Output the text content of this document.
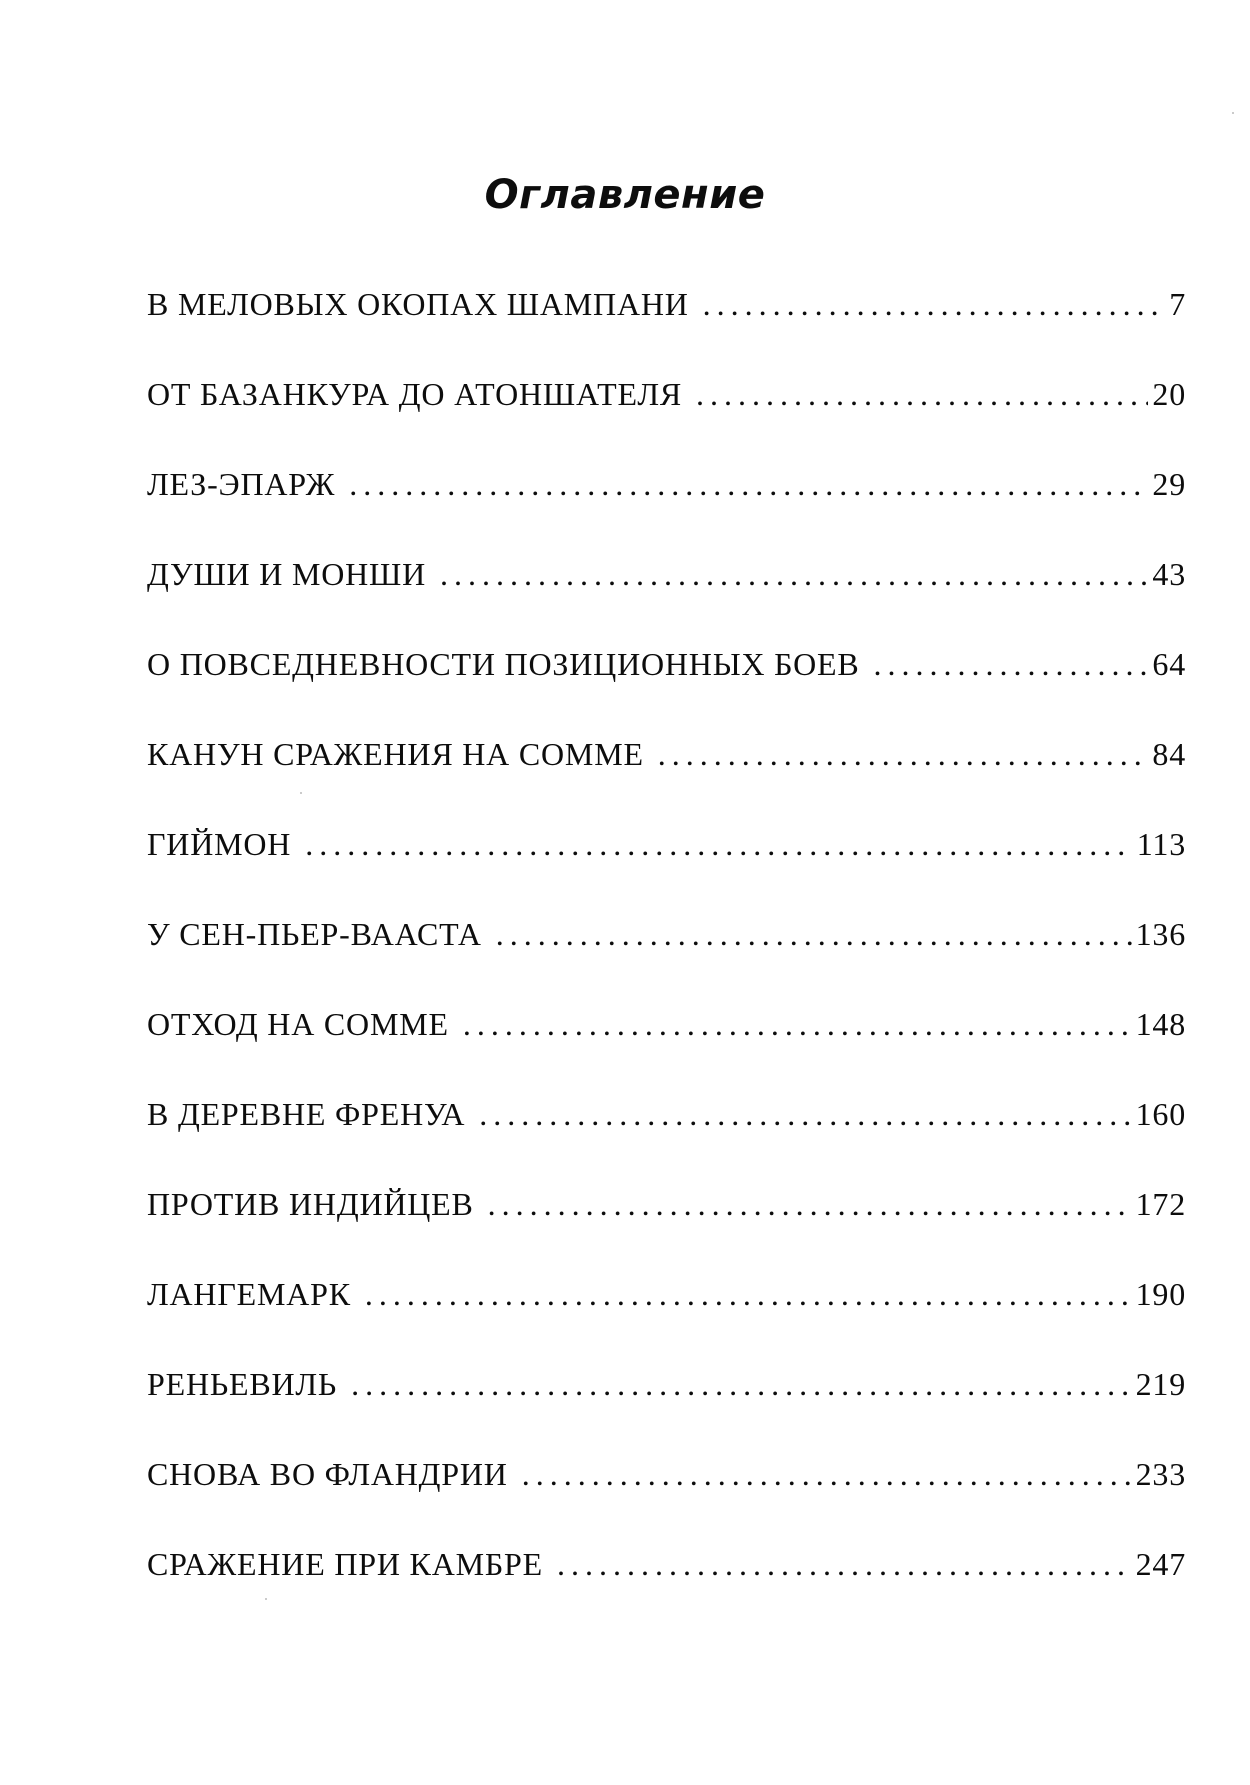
Оглавление
В МЕЛОВЫХ ОКОПАХ ШАМПАНИ .....	7
ОТ БАЗАНКУРА ДО АТОНШАТЕЛЯ .....	20
ЛЕЗ-ЭПАРЖ .....	29
ДУШИ И МОНШИ .....	43
О ПОВСЕДНЕВНОСТИ ПОЗИЦИОННЫХ БОЕВ .....	64
КАНУН СРАЖЕНИЯ НА СОММЕ .....	84
ГИЙМОН .....	113
У СЕН-ПЬЕР-ВААСТА .....	136
ОТХОД НА СОММЕ .....	148
В ДЕРЕВНЕ ФРЕНУА .....	160
ПРОТИВ ИНДИЙЦЕВ .....	172
ЛАНГЕМАРК .....	190
РЕНЬЕВИЛЬ .....	219
СНОВА ВО ФЛАНДРИИ .....	233
СРАЖЕНИЕ ПРИ КАМБРЕ .....	247
